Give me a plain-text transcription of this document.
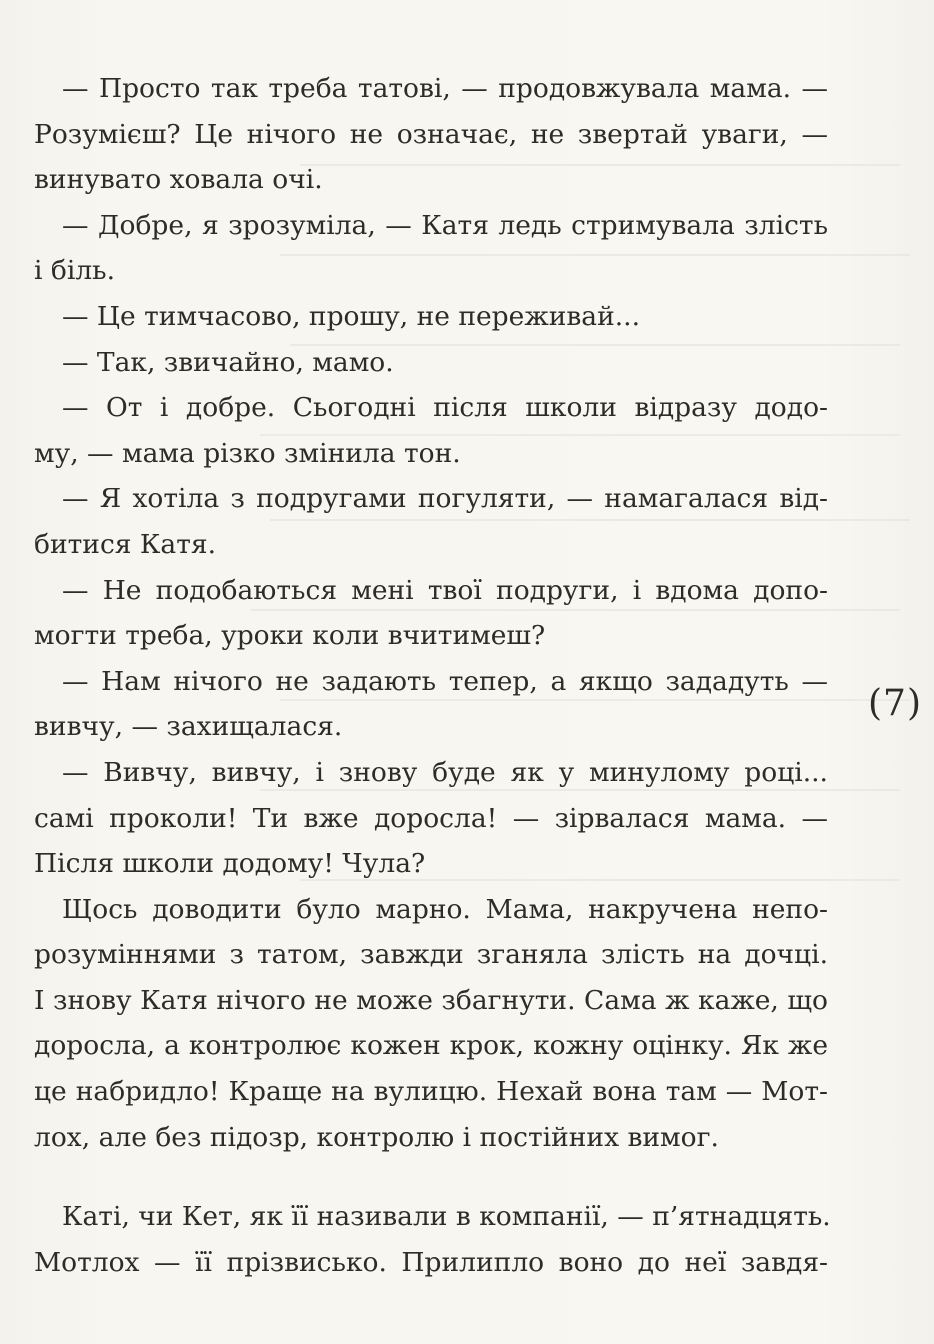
— Просто так треба татові, — продовжувала мама. —
Розумієш? Це нічого не означає, не звертай уваги, —
винувато ховала очі.
— Добре, я зрозуміла, — Катя ледь стримувала злість
і біль.
— Це тимчасово, прошу, не переживай...
— Так, звичайно, мамо.
— От і добре. Сьогодні після школи відразу додо-
му, — мама різко змінила тон.
— Я хотіла з подругами погуляти, — намагалася від-
битися Катя.
— Не подобаються мені твої подруги, і вдома допо-
могти треба, уроки коли вчитимеш?
— Нам нічого не задають тепер, а якщо зададуть —
вивчу, — захищалася.
— Вивчу, вивчу, і знову буде як у минулому році...
самі проколи! Ти вже доросла! — зірвалася мама. —
Після школи додому! Чула?
Щось доводити було марно. Мама, накручена непо-
розуміннями з татом, завжди зганяла злість на дочці.
І знову Катя нічого не може збагнути. Сама ж каже, що
доросла, а контролює кожен крок, кожну оцінку. Як же
це набридло! Краще на вулицю. Нехай вона там — Мот-
лох, але без підозр, контролю і постійних вимог.
Каті, чи Кет, як її називали в компанії, — п’ятнадцять.
Мотлох — її прізвисько. Прилипло воно до неї завдя-
(7)
